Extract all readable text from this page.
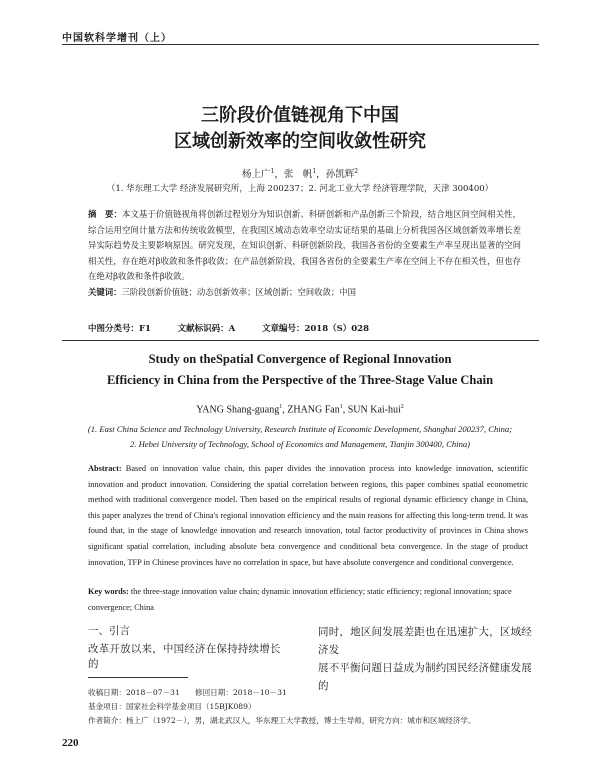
中国软科学增刊（上）
三阶段价值链视角下中国
区域创新效率的空间收敛性研究
杨上广$^1$，张　帆$^1$，孙凯辉$^2$
（1. 华东理工大学 经济发展研究所，上海 200237；2. 河北工业大学 经济管理学院，天津 300400）
摘　要：本文基于价值链视角将创新过程划分为知识创新、科研创新和产品创新三个阶段，结合地区间空间相关性，综合运用空间计量方法和传统收敛模型，在我国区域动态效率空动实证结果的基础上分析我国各区域创新效率增长差异实际趋势及主要影响原因。研究发现，在知识创新、科研创新阶段，我国各省份的全要素生产率呈现出显著的空间相关性，存在绝对β收敛和条件β收敛；在产品创新阶段，我国各省份的全要素生产率在空间上不存在相关性，但也存在绝对β收敛和条件β收敛。
关键词：三阶段创新价值链；动态创新效率；区域创新；空间收敛；中国
中图分类号：F1	文献标识码：A	文章编号：2018（S）028
Study on theSpatial Convergence of Regional Innovation
Efficiency in China from the Perspective of the Three-Stage Value Chain
YANG Shang-guang$^1$, ZHANG Fan$^1$, SUN Kai-hui$^2$
(1. East China Science and Technology University, Research Institute of Economic Development, Shanghai 200237, China;
2. Hebei University of Technology, School of Economics and Management, Tianjin 300400, China)
Abstract: Based on innovation value chain, this paper divides the innovation process into knowledge innovation, scientific innovation and product innovation. Considering the spatial correlation between regions, this paper combines spatial econometric method with traditional convergence model. Then based on the empirical results of regional dynamic efficiency change in China, this paper analyzes the trend of China's regional innovation efficiency and the main reasons for affecting this long-term trend. It was found that, in the stage of knowledge innovation and research innovation, total factor productivity of provinces in China shows significant spatial correlation, including absolute beta convergence and conditional beta convergence. In the stage of product innovation, TFP in Chinese provinces have no correlation in space, but have absolute convergence and conditional convergence.
Key words: the three-stage innovation value chain; dynamic innovation efficiency; static efficiency; regional innovation; space convergence; China
一、引言
改革开放以来，中国经济在保持持续增长的
同时，地区间发展差距也在迅速扩大，区域经济发
展不平衡问题日益成为制约国民经济健康发展的
收稿日期：2018－07－31　　修回日期：2018－10－31
基金项目：国家社会科学基金项目（15BJK089）
作者简介：杨上广（1972－），男，湖北武汉人，华东理工大学教授，博士生导师，研究方向：城市和区域经济学。
220
